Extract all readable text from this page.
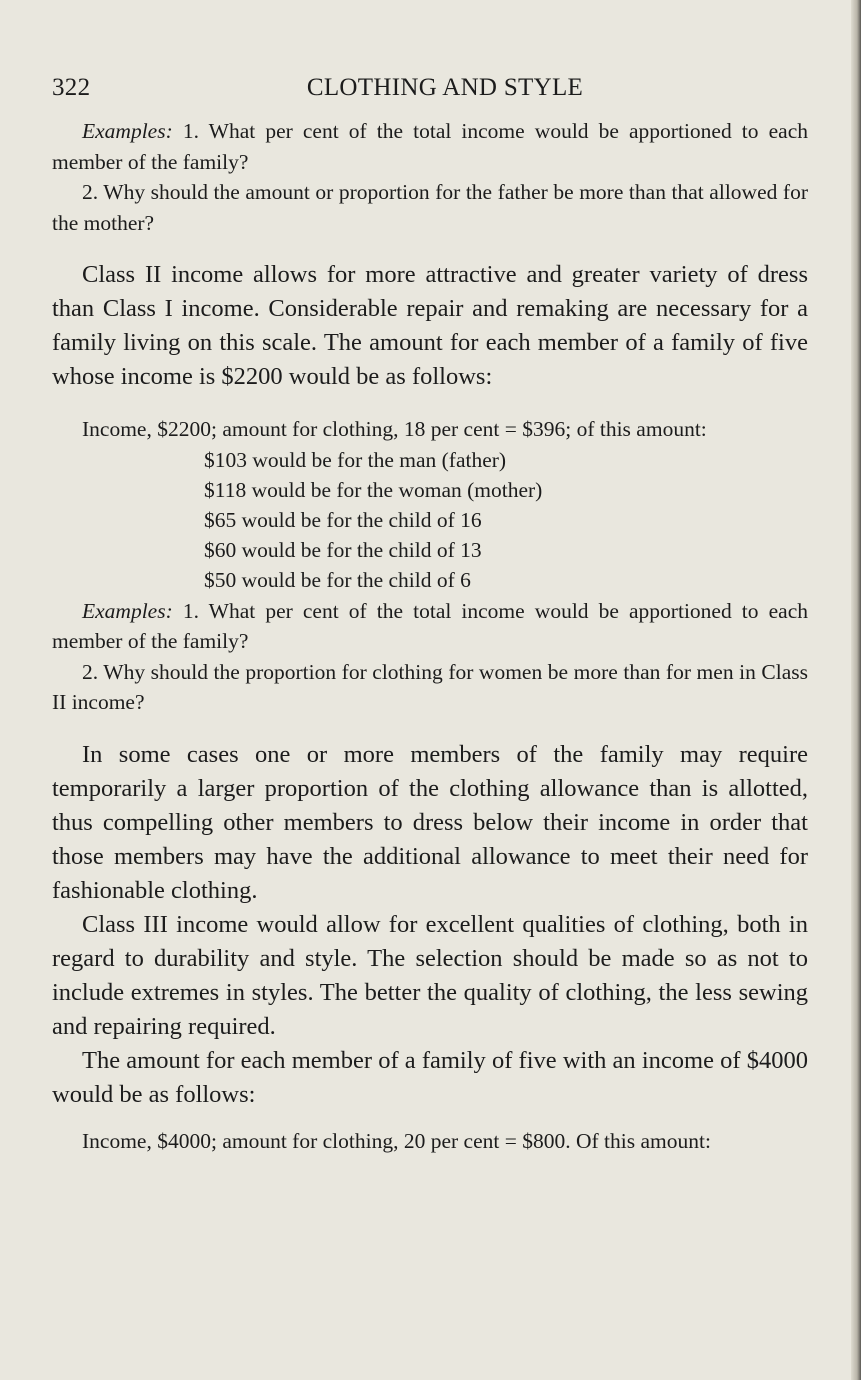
322	CLOTHING AND STYLE

Examples: 1. What per cent of the total income would be apportioned to each member of the family?

2. Why should the amount or proportion for the father be more than that allowed for the mother?

Class II income allows for more attractive and greater variety of dress than Class I income. Considerable repair and remaking are necessary for a family living on this scale. The amount for each member of a family of five whose income is $2200 would be as follows:

Income, $2200; amount for clothing, 18 per cent = $396; of this amount:

$103 would be for the man (father)
$118 would be for the woman (mother)
$65 would be for the child of 16
$60 would be for the child of 13
$50 would be for the child of 6

Examples: 1. What per cent of the total income would be apportioned to each member of the family?

2. Why should the proportion for clothing for women be more than for men in Class II income?

In some cases one or more members of the family may require temporarily a larger proportion of the clothing allowance than is allotted, thus compelling other members to dress below their income in order that those members may have the additional allowance to meet their need for fashionable clothing.

Class III income would allow for excellent qualities of clothing, both in regard to durability and style. The selection should be made so as not to include extremes in styles. The better the quality of clothing, the less sewing and repairing required.

The amount for each member of a family of five with an income of $4000 would be as follows:

Income, $4000; amount for clothing, 20 per cent = $800. Of this amount:
